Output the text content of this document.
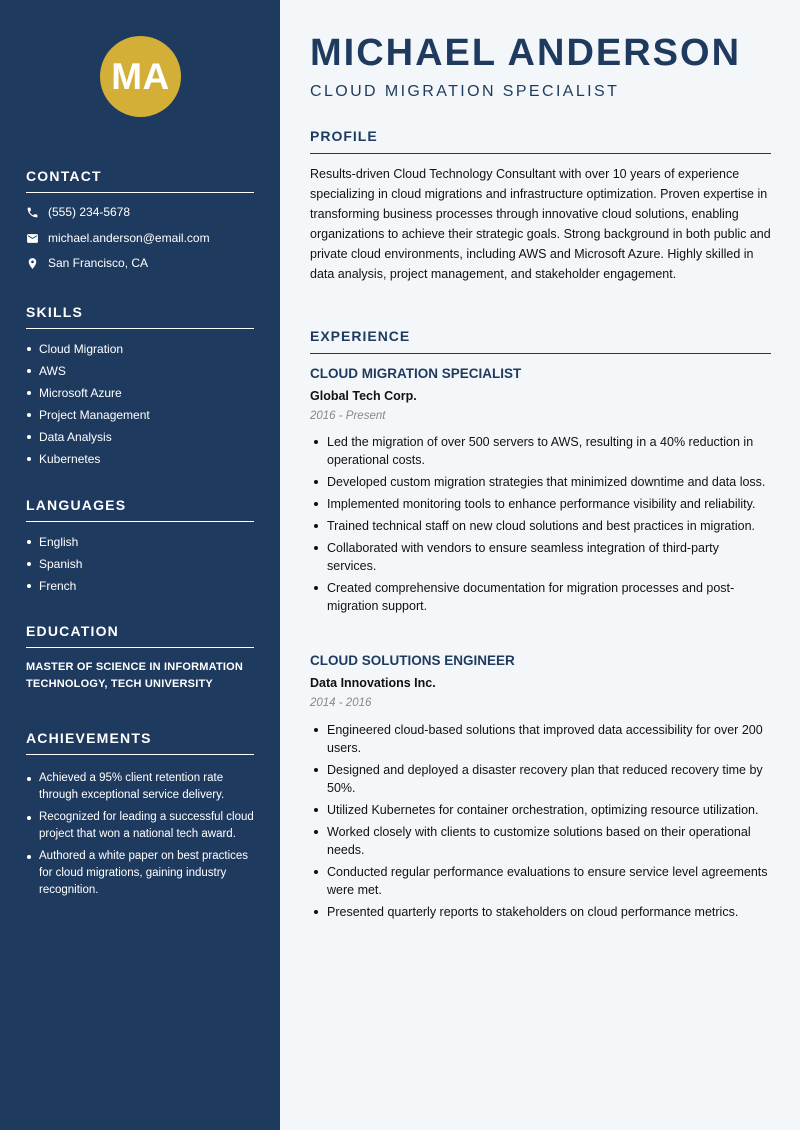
MA
CONTACT
(555) 234-5678
michael.anderson@email.com
San Francisco, CA
SKILLS
Cloud Migration
AWS
Microsoft Azure
Project Management
Data Analysis
Kubernetes
LANGUAGES
English
Spanish
French
EDUCATION
MASTER OF SCIENCE IN INFORMATION TECHNOLOGY, TECH UNIVERSITY
ACHIEVEMENTS
Achieved a 95% client retention rate through exceptional service delivery.
Recognized for leading a successful cloud project that won a national tech award.
Authored a white paper on best practices for cloud migrations, gaining industry recognition.
MICHAEL ANDERSON
CLOUD MIGRATION SPECIALIST
PROFILE
Results-driven Cloud Technology Consultant with over 10 years of experience specializing in cloud migrations and infrastructure optimization. Proven expertise in transforming business processes through innovative cloud solutions, enabling organizations to achieve their strategic goals. Strong background in both public and private cloud environments, including AWS and Microsoft Azure. Highly skilled in data analysis, project management, and stakeholder engagement.
EXPERIENCE
CLOUD MIGRATION SPECIALIST
Global Tech Corp.
2016 - Present
Led the migration of over 500 servers to AWS, resulting in a 40% reduction in operational costs.
Developed custom migration strategies that minimized downtime and data loss.
Implemented monitoring tools to enhance performance visibility and reliability.
Trained technical staff on new cloud solutions and best practices in migration.
Collaborated with vendors to ensure seamless integration of third-party services.
Created comprehensive documentation for migration processes and post-migration support.
CLOUD SOLUTIONS ENGINEER
Data Innovations Inc.
2014 - 2016
Engineered cloud-based solutions that improved data accessibility for over 200 users.
Designed and deployed a disaster recovery plan that reduced recovery time by 50%.
Utilized Kubernetes for container orchestration, optimizing resource utilization.
Worked closely with clients to customize solutions based on their operational needs.
Conducted regular performance evaluations to ensure service level agreements were met.
Presented quarterly reports to stakeholders on cloud performance metrics.
